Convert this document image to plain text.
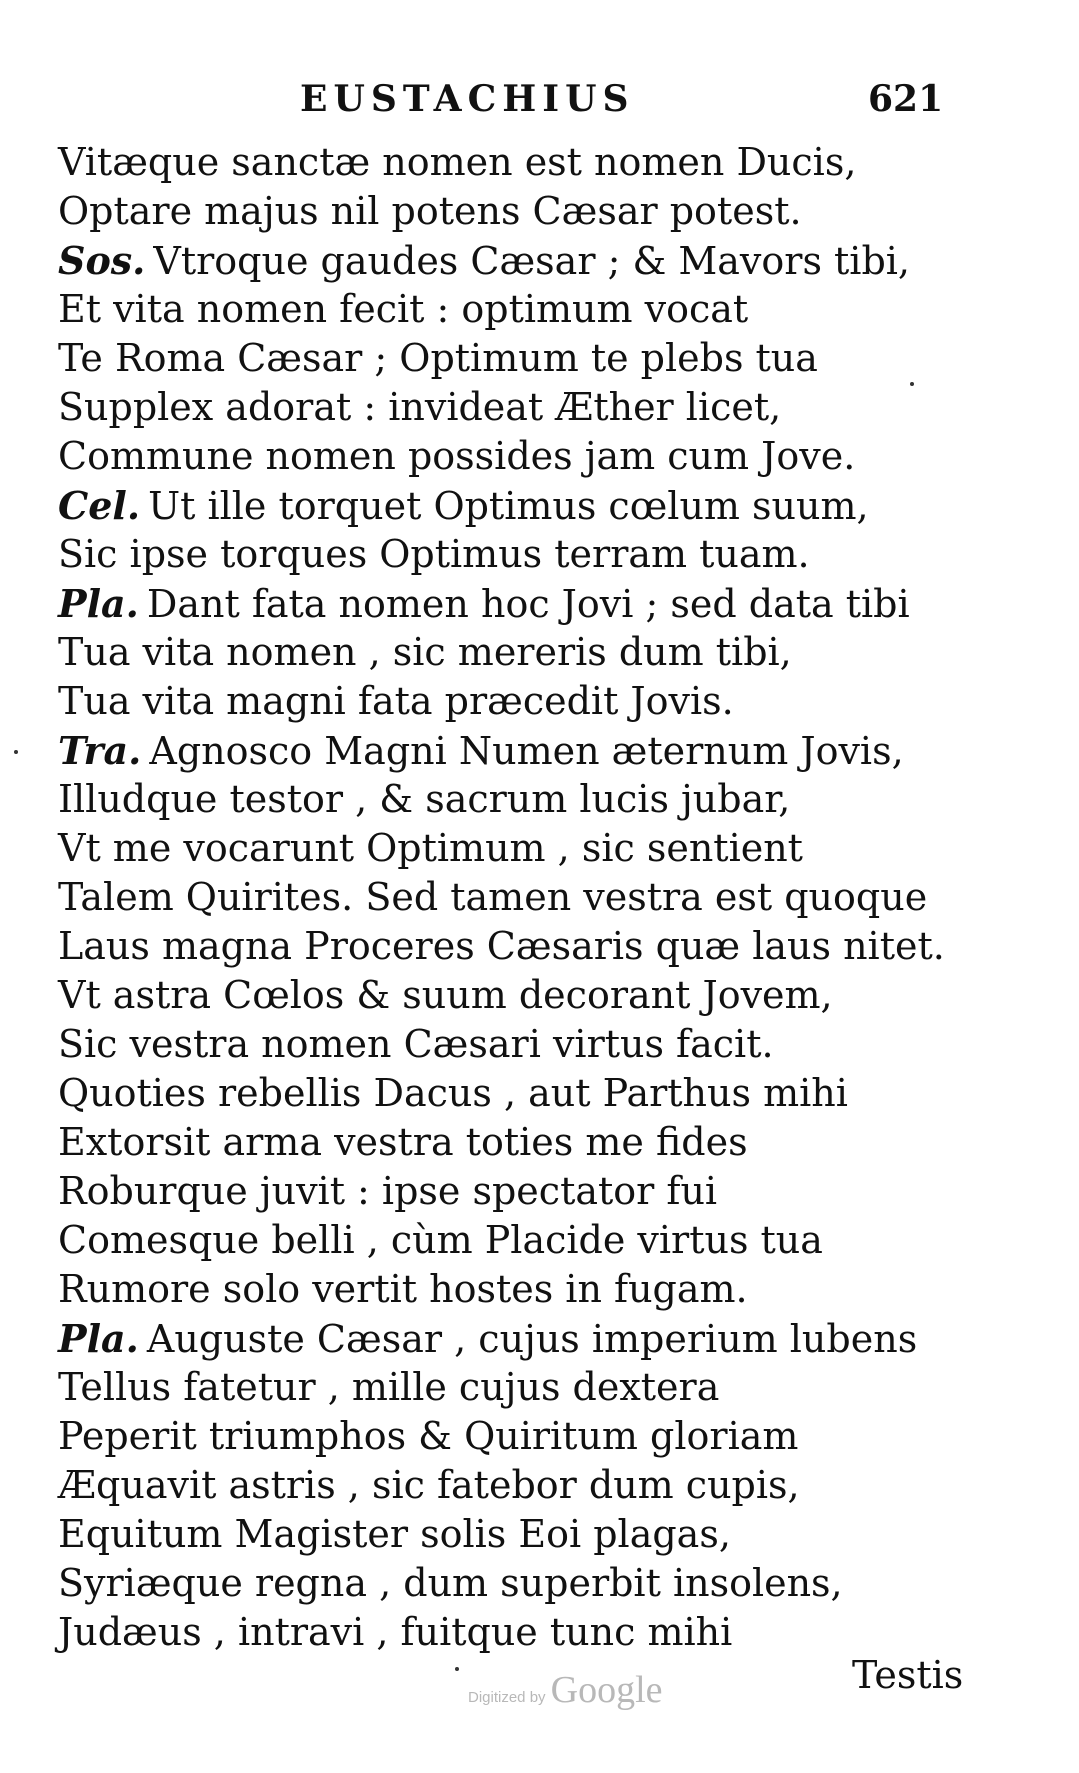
EUSTACHIUS	621
Vitæque sanctæ nomen est nomen Ducis,
Optare majus nil potens Cæsar potest.
Sos. Vtroque gaudes Cæsar ; & Mavors tibi,
Et vita nomen fecit : optimum vocat
Te Roma Cæsar ; Optimum te plebs tua
Supplex adorat : invideat Æther licet,
Commune nomen possides jam cum Jove.
Cel. Ut ille torquet Optimus cœlum suum,
Sic ipse torques Optimus terram tuam.
Pla. Dant fata nomen hoc Jovi ; sed data tibi
Tua vita nomen , sic mereris dum tibi,
Tua vita magni fata præcedit Jovis.
Tra. Agnosco Magni Numen æternum Jovis,
Illudque testor , & sacrum lucis jubar,
Vt me vocarunt Optimum , sic sentient
Talem Quirites. Sed tamen vestra est quoque
Laus magna Proceres Cæsaris quæ laus nitet.
Vt astra Cœlos & suum decorant Jovem,
Sic vestra nomen Cæsari virtus facit.
Quoties rebellis Dacus , aut Parthus mihi
Extorsit arma vestra toties me fides
Roburque juvit : ipse spectator fui
Comesque belli , cùm Placide virtus tua
Rumore solo vertit hostes in fugam.
Pla. Auguste Cæsar , cujus imperium lubens
Tellus fatetur , mille cujus dextera
Peperit triumphos & Quiritum gloriam
Æquavit astris , sic fatebor dum cupis,
Equitum Magister solis Eoi plagas,
Syriæque regna , dum superbit insolens,
Judæus , intravi , fuitque tunc mihi
Testis
Digitized by Google
